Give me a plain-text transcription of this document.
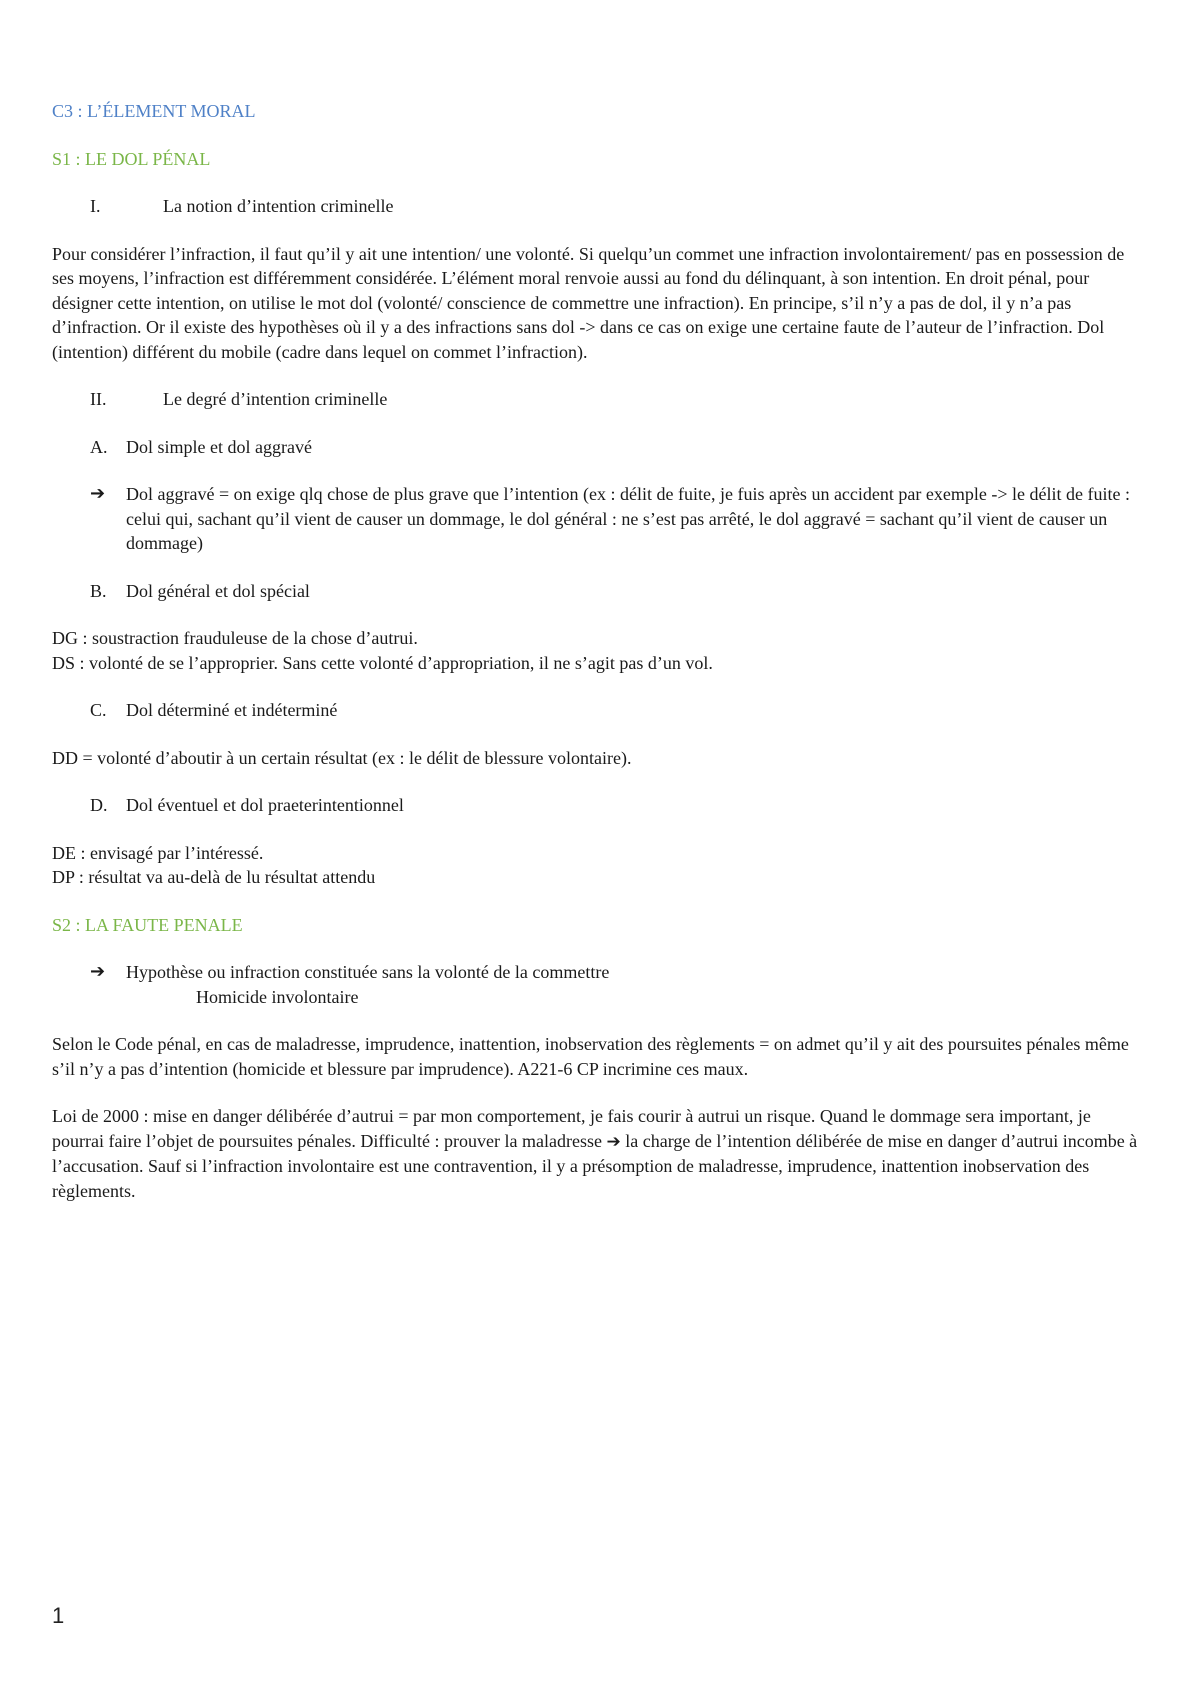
C3 : L’ÉLEMENT MORAL

S1 : LE DOL PÉNAL

I.	La notion d’intention criminelle

Pour considérer l’infraction, il faut qu’il y ait une intention/ une volonté. Si quelqu’un commet une infraction involontairement/ pas en possession de ses moyens, l’infraction est différemment considérée. L’élément moral renvoie aussi au fond du délinquant, à son intention. En droit pénal, pour désigner cette intention, on utilise le mot dol (volonté/ conscience de commettre une infraction). En principe, s’il n’y a pas de dol, il y n’a pas d’infraction. Or il existe des hypothèses où il y a des infractions sans dol -> dans ce cas on exige une certaine faute de l’auteur de l’infraction. Dol (intention) différent du mobile (cadre dans lequel on commet l’infraction).

II.	Le degré d’intention criminelle
A.	Dol simple et dol aggravé
➔	Dol aggravé = on exige qlq chose de plus grave que l’intention (ex : délit de fuite, je fuis après un accident par exemple -> le délit de fuite : celui qui, sachant qu’il vient de causer un dommage, le dol général : ne s’est pas arrêté, le dol aggravé = sachant qu’il vient de causer un dommage)
B.	Dol général et dol spécial

DG : soustraction frauduleuse de la chose d’autrui.
DS : volonté de se l’approprier. Sans cette volonté d’appropriation, il ne s’agit pas d’un vol.

C.	Dol déterminé et indéterminé

DD = volonté d’aboutir à un certain résultat (ex : le délit de blessure volontaire).

D.	Dol éventuel et dol praeterintentionnel

DE : envisagé par l’intéressé.
DP : résultat va au-delà de lu résultat attendu

S2 : LA FAUTE PENALE

➔	Hypothèse ou infraction constituée sans la volonté de la commettre
Homicide involontaire

Selon le Code pénal, en cas de maladresse, imprudence, inattention, inobservation des règlements = on admet qu’il y ait des poursuites pénales même s’il n’y a pas d’intention (homicide et blessure par imprudence). A221-6 CP incrimine ces maux.

Loi de 2000 : mise en danger délibérée d’autrui = par mon comportement, je fais courir à autrui un risque. Quand le dommage sera important, je pourrai faire l’objet de poursuites pénales. Difficulté : prouver la maladresse ➔ la charge de l’intention délibérée de mise en danger d’autrui incombe à l’accusation. Sauf si l’infraction involontaire est une contravention, il y a présomption de maladresse, imprudence, inattention inobservation des règlements.

1
